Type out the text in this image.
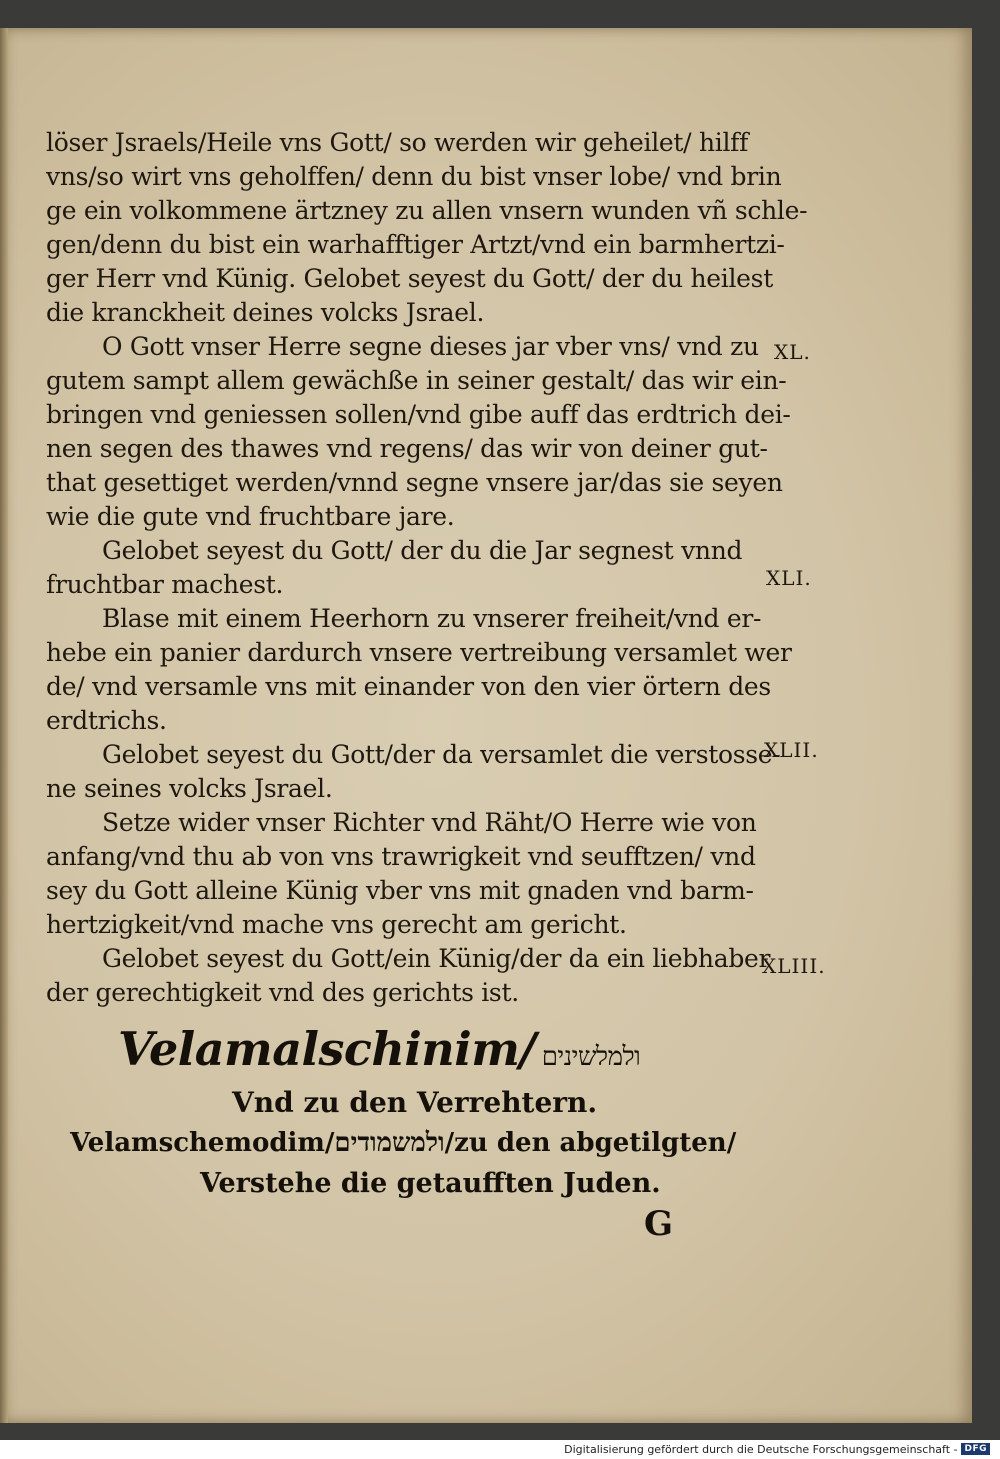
löser Jsraels/Heile vns Gott/ so werden wir geheilet/ hilff
vns/so wirt vns geholffen/ denn du bist vnser lobe/ vnd brin
ge ein volkommene ärtzney zu allen vnsern wunden vñ schle-
gen/denn du bist ein warhafftiger Artzt/vnd ein barmhertzi-
ger Herr vnd Künig. Gelobet seyest du Gott/ der du heilest
die kranckheit deines volcks Jsrael.
O Gott vnser Herre segne dieses jar vber vns/ vnd zu
gutem sampt allem gewächße in seiner gestalt/ das wir ein-
bringen vnd geniessen sollen/vnd gibe auff das erdtrich dei-
nen segen des thawes vnd regens/ das wir von deiner gut-
that gesettiget werden/vnnd segne vnsere jar/das sie seyen
wie die gute vnd fruchtbare jare.
Gelobet seyest du Gott/ der du die Jar segnest vnnd
fruchtbar machest.
Blase mit einem Heerhorn zu vnserer freiheit/vnd er-
hebe ein panier dardurch vnsere vertreibung versamlet wer
de/ vnd versamle vns mit einander von den vier örtern des
erdtrichs.
Gelobet seyest du Gott/der da versamlet die verstosse-
ne seines volcks Jsrael.
Setze wider vnser Richter vnd Räht/O Herre wie von
anfang/vnd thu ab von vns trawrigkeit vnd seufftzen/ vnd
sey du Gott alleine Künig vber vns mit gnaden vnd barm-
hertzigkeit/vnd mache vns gerecht am gericht.
Gelobet seyest du Gott/ein Künig/der da ein liebhaber
der gerechtigkeit vnd des gerichts ist.
XL.
XLI.
XLII.
XLIII.
Velamalschinim/ ולמלשינים
Vnd zu den Verrehtern.
Velamschemodim/ולמשמודים/zu den abgetilgten/
Verstehe die getaufften Juden.
G
Digitalisierung gefördert durch die Deutsche Forschungsgemeinschaft - DFG
